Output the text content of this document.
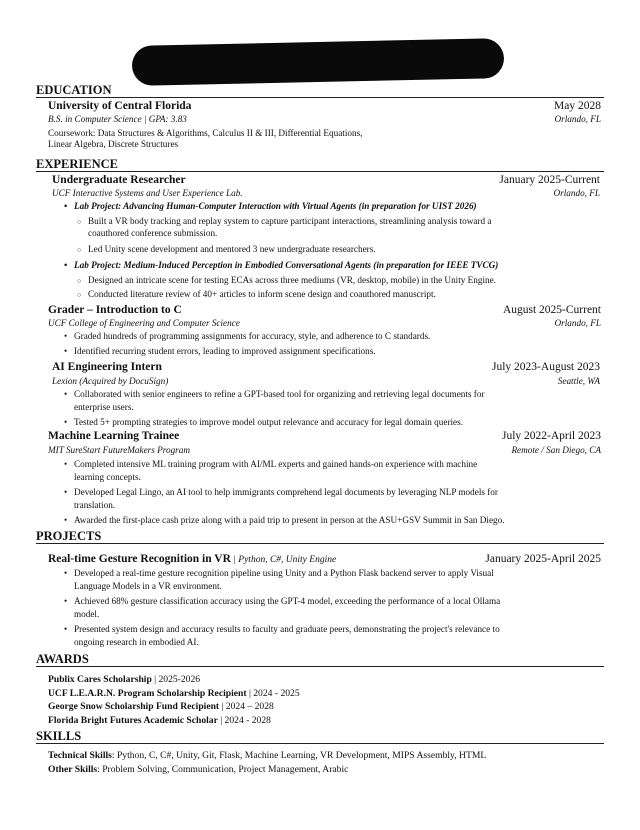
EDUCATION
University of Central Florida	May 2028
B.S. in Computer Science | GPA: 3.83	Orlando, FL
Coursework: Data Structures & Algorithms, Calculus II & III, Differential Equations,
Linear Algebra, Discrete Structures
EXPERIENCE
Undergraduate Researcher	January 2025-Current
UCF Interactive Systems and User Experience Lab.	Orlando, FL
• Lab Project: Advancing Human-Computer Interaction with Virtual Agents (in preparation for UIST 2026)
○ Built a VR body tracking and replay system to capture participant interactions, streamlining analysis toward a
coauthored conference submission.
○ Led Unity scene development and mentored 3 new undergraduate researchers.
• Lab Project: Medium-Induced Perception in Embodied Conversational Agents (in preparation for IEEE TVCG)
○ Designed an intricate scene for testing ECAs across three mediums (VR, desktop, mobile) in the Unity Engine.
○ Conducted literature review of 40+ articles to inform scene design and coauthored manuscript.
Grader – Introduction to C	August 2025-Current
UCF College of Engineering and Computer Science	Orlando, FL
• Graded hundreds of programming assignments for accuracy, style, and adherence to C standards.
• Identified recurring student errors, leading to improved assignment specifications.
AI Engineering Intern	July 2023-August 2023
Lexion (Acquired by DocuSign)	Seattle, WA
• Collaborated with senior engineers to refine a GPT-based tool for organizing and retrieving legal documents for
enterprise users.
• Tested 5+ prompting strategies to improve model output relevance and accuracy for legal domain queries.
Machine Learning Trainee	July 2022-April 2023
MIT SureStart FutureMakers Program	Remote / San Diego, CA
• Completed intensive ML training program with AI/ML experts and gained hands-on experience with machine
learning concepts.
• Developed Legal Lingo, an AI tool to help immigrants comprehend legal documents by leveraging NLP models for
translation.
• Awarded the first-place cash prize along with a paid trip to present in person at the ASU+GSV Summit in San Diego.
PROJECTS
Real-time Gesture Recognition in VR | Python, C#, Unity Engine	January 2025-April 2025
• Developed a real-time gesture recognition pipeline using Unity and a Python Flask backend server to apply Visual
Language Models in a VR environment.
• Achieved 68% gesture classification accuracy using the GPT-4 model, exceeding the performance of a local Ollama
model.
• Presented system design and accuracy results to faculty and graduate peers, demonstrating the project's relevance to
ongoing research in embodied AI.
AWARDS
Publix Cares Scholarship | 2025-2026
UCF L.E.A.R.N. Program Scholarship Recipient | 2024 - 2025
George Snow Scholarship Fund Recipient | 2024 – 2028
Florida Bright Futures Academic Scholar | 2024 - 2028
SKILLS
Technical Skills: Python, C, C#, Unity, Git, Flask, Machine Learning, VR Development, MIPS Assembly, HTML
Other Skills: Problem Solving, Communication, Project Management, Arabic
